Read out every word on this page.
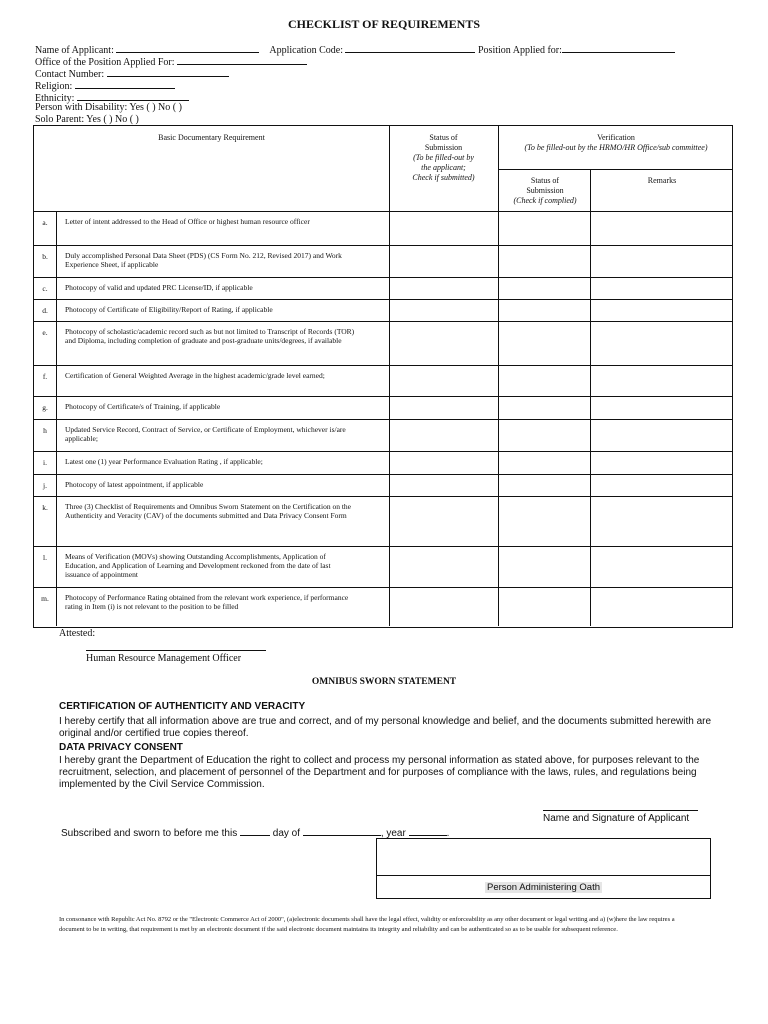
CHECKLIST OF REQUIREMENTS
Name of Applicant:	Application Code:	Position Applied for:
Office of the Position Applied For:
Contact Number:
Religion:
Ethnicity:
Person with Disability: Yes ( ) No ( )
Solo Parent: Yes ( ) No ( )
Basic Documentary Requirement	Status of Submission
(To be filled-out by the applicant;
Check if submitted)
Verification
(To be filled-out by the HRMO/HR Office/sub committee)
Status of Submission
(Check if complied)
Remarks
a.	Letter of intent addressed to the Head of Office or highest human resource officer
b.	Duly accomplished Personal Data Sheet (PDS) (CS Form No. 212, Revised 2017) and Work Experience Sheet, if applicable
c.	Photocopy of valid and updated PRC License/ID, if applicable
d.	Photocopy of Certificate of Eligibility/Report of Rating, if applicable
e.	Photocopy of scholastic/academic record such as but not limited to Transcript of Records (TOR) and Diploma, including completion of graduate and post-graduate units/degrees, if available
f.	Certification of General Weighted Average in the highest academic/grade level earned;
g.	Photocopy of Certificate/s of Training, if applicable
h	Updated Service Record, Contract of Service, or Certificate of Employment, whichever is/are applicable;
i.	Latest one (1) year Performance Evaluation Rating , if applicable;
j.	Photocopy of latest appointment, if applicable
k.	Three (3) Checklist of Requirements and Omnibus Sworn Statement on the Certification on the Authenticity and Veracity (CAV) of the documents submitted and Data Privacy Consent Form
l.	Means of Verification (MOVs) showing Outstanding Accomplishments, Application of Education, and Application of Learning and Development reckoned from the date of last issuance of appointment
m.	Photocopy of Performance Rating obtained from the relevant work experience, if performance rating in Item (i) is not relevant to the position to be filled
Attested:
Human Resource Management Officer
OMNIBUS SWORN STATEMENT
CERTIFICATION OF AUTHENTICITY AND VERACITY
I hereby certify that all information above are true and correct, and of my personal knowledge and belief, and the documents submitted herewith are original and/or certified true copies thereof.
DATA PRIVACY CONSENT
I hereby grant the Department of Education the right to collect and process my personal information as stated above, for purposes relevant to the recruitment, selection, and placement of personnel of the Department and for purposes of compliance with the laws, rules, and regulations being implemented by the Civil Service Commission.
Name and Signature of Applicant
Subscribed and sworn to before me this	day of	, year	.
Person Administering Oath
In consonance with Republic Act No. 8792 or the "Electronic Commerce Act of 2000", (a)electronic documents shall have the legal effect, validity or enforceability as any other document or legal writing and a) (w)here the law requires a document to be in writing, that requirement is met by an electronic document if the said electronic document maintains its integrity and reliability and can be authenticated so as to be usable for subsequent reference.
